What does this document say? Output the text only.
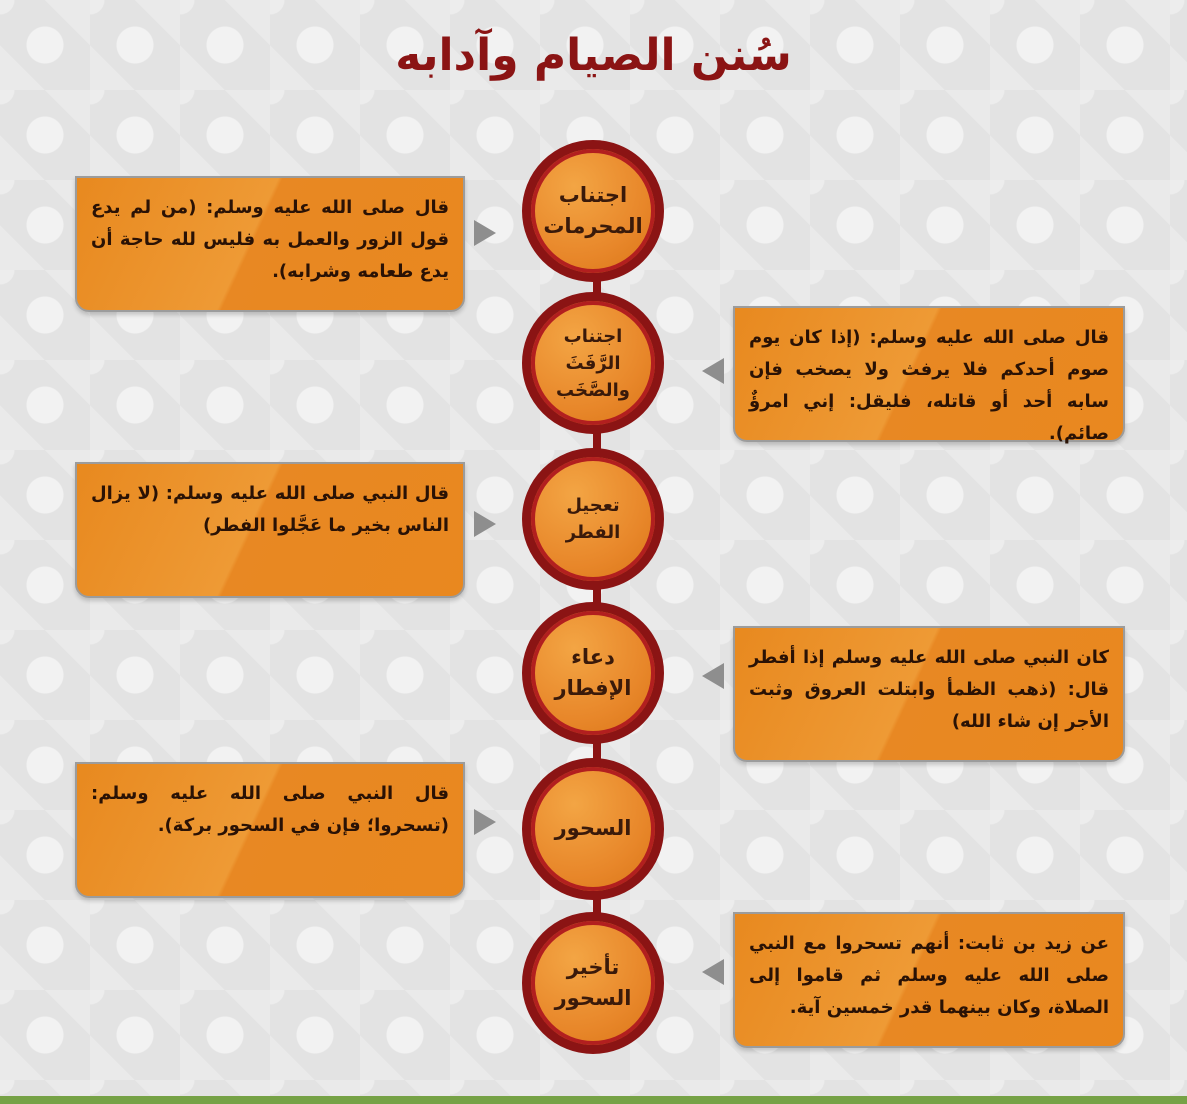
سُنن الصيام وآدابه
قال صلى الله عليه وسلم: (من لم يدع قول الزور والعمل به فليس لله حاجة أن يدع طعامه وشرابه).
اجتناب
المحرمات
اجتناب
الرَّفَثَ والصَّخَب
قال صلى الله عليه وسلم: (إذا كان يوم صوم أحدكم فلا يرفث ولا يصخب فإن سابه أحد أو قاتله، فليقل: إني امرؤٌ صائم).
قال النبي صلى الله عليه وسلم: (لا يزال الناس بخير ما عَجَّلوا الفطر)
تعجيل الفطر
دعاء الإفطار
كان النبي صلى الله عليه وسلم إذا أفطر قال: (ذهب الظمأ وابتلت العروق وثبت الأجر إن شاء الله)
قال النبي صلى الله عليه وسلم: (تسحروا؛ فإن في السحور بركة).	السحور
تأخير
السحور
عن زيد بن ثابت: أنهم تسحروا مع النبي صلى الله عليه وسلم ثم قاموا إلى الصلاة، وكان بينهما قدر خمسين آية.
